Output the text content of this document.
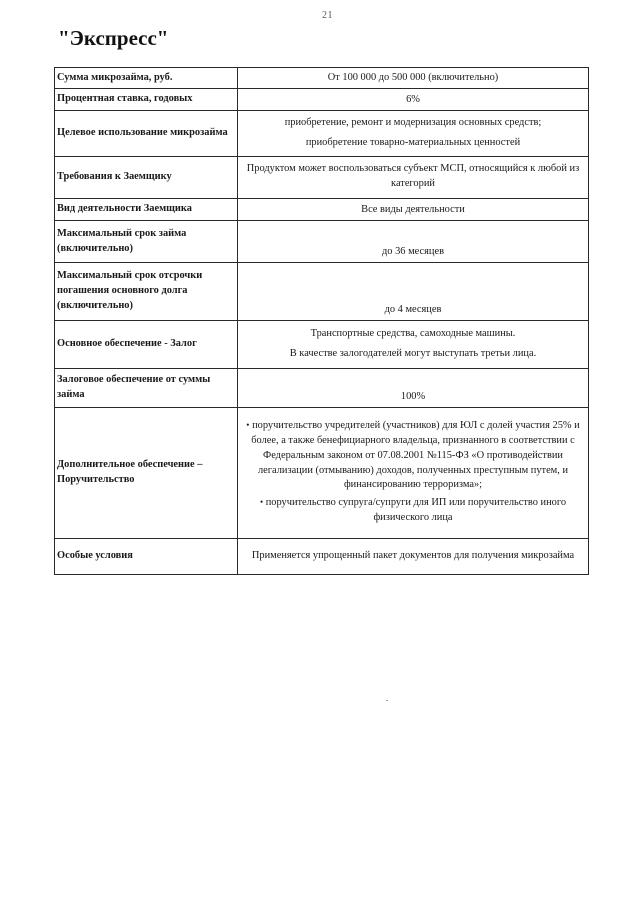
21
"Экспресс"
Сумма микрозайма, руб.	От 100 000 до 500 000 (включительно)

Процентная ставка, годовых	6%

Целевое использование микрозайма	приобретение, ремонт и модернизация основных средств;
приобретение товарно-материальных ценностей

Требования к Заемщику	Продуктом может воспользоваться субъект МСП, относящийся к любой из категорий

Вид деятельности Заемщика	Все виды деятельности

Максимальный срок займа (включительно)	до 36 месяцев

Максимальный срок отсрочки погашения основного долга (включительно)	до 4 месяцев

Основное обеспечение - Залог	Транспортные средства, самоходные машины.
В качестве залогодателей могут выступать третьи лица.

Залоговое обеспечение от суммы займа	100%

Дополнительное обеспечение – Поручительство	• поручительство учредителей (участников) для ЮЛ с долей участия 25% и более, а также бенефициарного владельца, признанного в соответствии с Федеральным законом от 07.08.2001 №115-ФЗ «О противодействии легализации (отмыванию) доходов, полученных преступным путем, и финансированию терроризма»;
• поручительство супруга/супруги для ИП или поручительство иного физического лица

Особые условия	Применяется упрощенный пакет документов для получения микрозайма
